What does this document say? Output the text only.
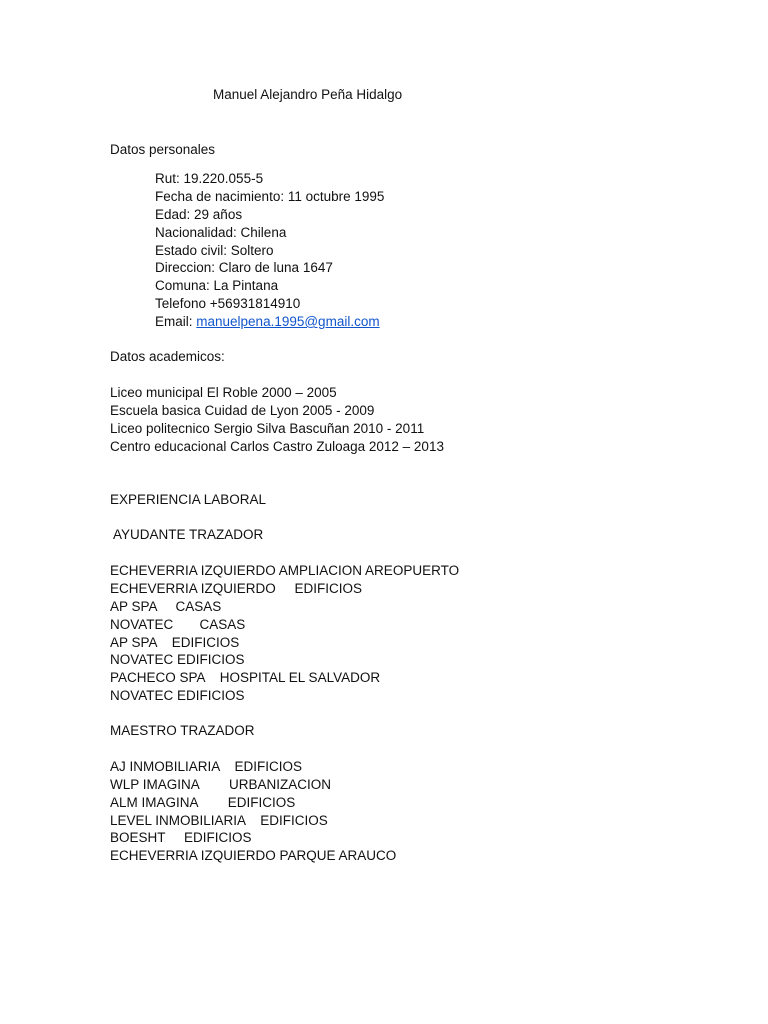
Manuel Alejandro Peña Hidalgo
Datos personales
Rut: 19.220.055-5
Fecha de nacimiento: 11 octubre 1995
Edad: 29 años
Nacionalidad: Chilena
Estado civil: Soltero
Direccion: Claro de luna 1647
Comuna: La Pintana
Telefono +56931814910
Email: manuelpena.1995@gmail.com
Datos academicos:
Liceo municipal El Roble 2000 – 2005
Escuela basica Cuidad de Lyon 2005 - 2009
Liceo politecnico Sergio Silva Bascuñan 2010 - 2011
Centro educacional Carlos Castro Zuloaga 2012 – 2013
EXPERIENCIA LABORAL
AYUDANTE TRAZADOR
ECHEVERRIA IZQUIERDO AMPLIACION AREOPUERTO
ECHEVERRIA IZQUIERDO     EDIFICIOS
AP SPA     CASAS
NOVATEC       CASAS
AP SPA    EDIFICIOS
NOVATEC EDIFICIOS
PACHECO SPA    HOSPITAL EL SALVADOR
NOVATEC EDIFICIOS
MAESTRO TRAZADOR
AJ INMOBILIARIA    EDIFICIOS
WLP IMAGINA        URBANIZACION
ALM IMAGINA        EDIFICIOS
LEVEL INMOBILIARIA    EDIFICIOS
BOESHT     EDIFICIOS
ECHEVERRIA IZQUIERDO PARQUE ARAUCO
